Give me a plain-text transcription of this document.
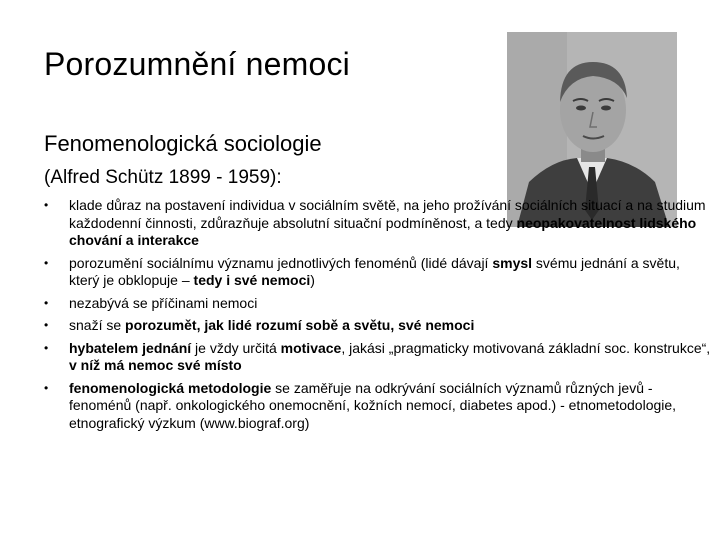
Porozumnění nemoci
Fenomenologická sociologie
(Alfred Schütz 1899 - 1959):
• klade důraz na postavení individua v sociálním světě, na jeho prožívání sociálních situací a na studium každodenní činnosti, zdůrazňuje absolutní situační podmíněnost, a tedy neopakovatelnost lidského chování a interakce
• porozumění sociálnímu významu jednotlivých fenoménů (lidé dávají smysl svému jednání a světu, který je obklopuje – tedy i své nemoci)
• nezabývá se příčinami nemoci
• snaží se porozumět, jak lidé rozumí sobě a světu, své nemoci
• hybatelem jednání je vždy určitá motivace, jakási „pragmaticky motivovaná základní soc. konstrukce“, v níž má nemoc své místo
• fenomenologická metodologie se zaměřuje na odkrývání sociálních významů různých jevů - fenoménů (např. onkologického onemocnění, kožních nemocí, diabetes apod.) - etnometodologie, etnografický výzkum (www.biograf.org)
